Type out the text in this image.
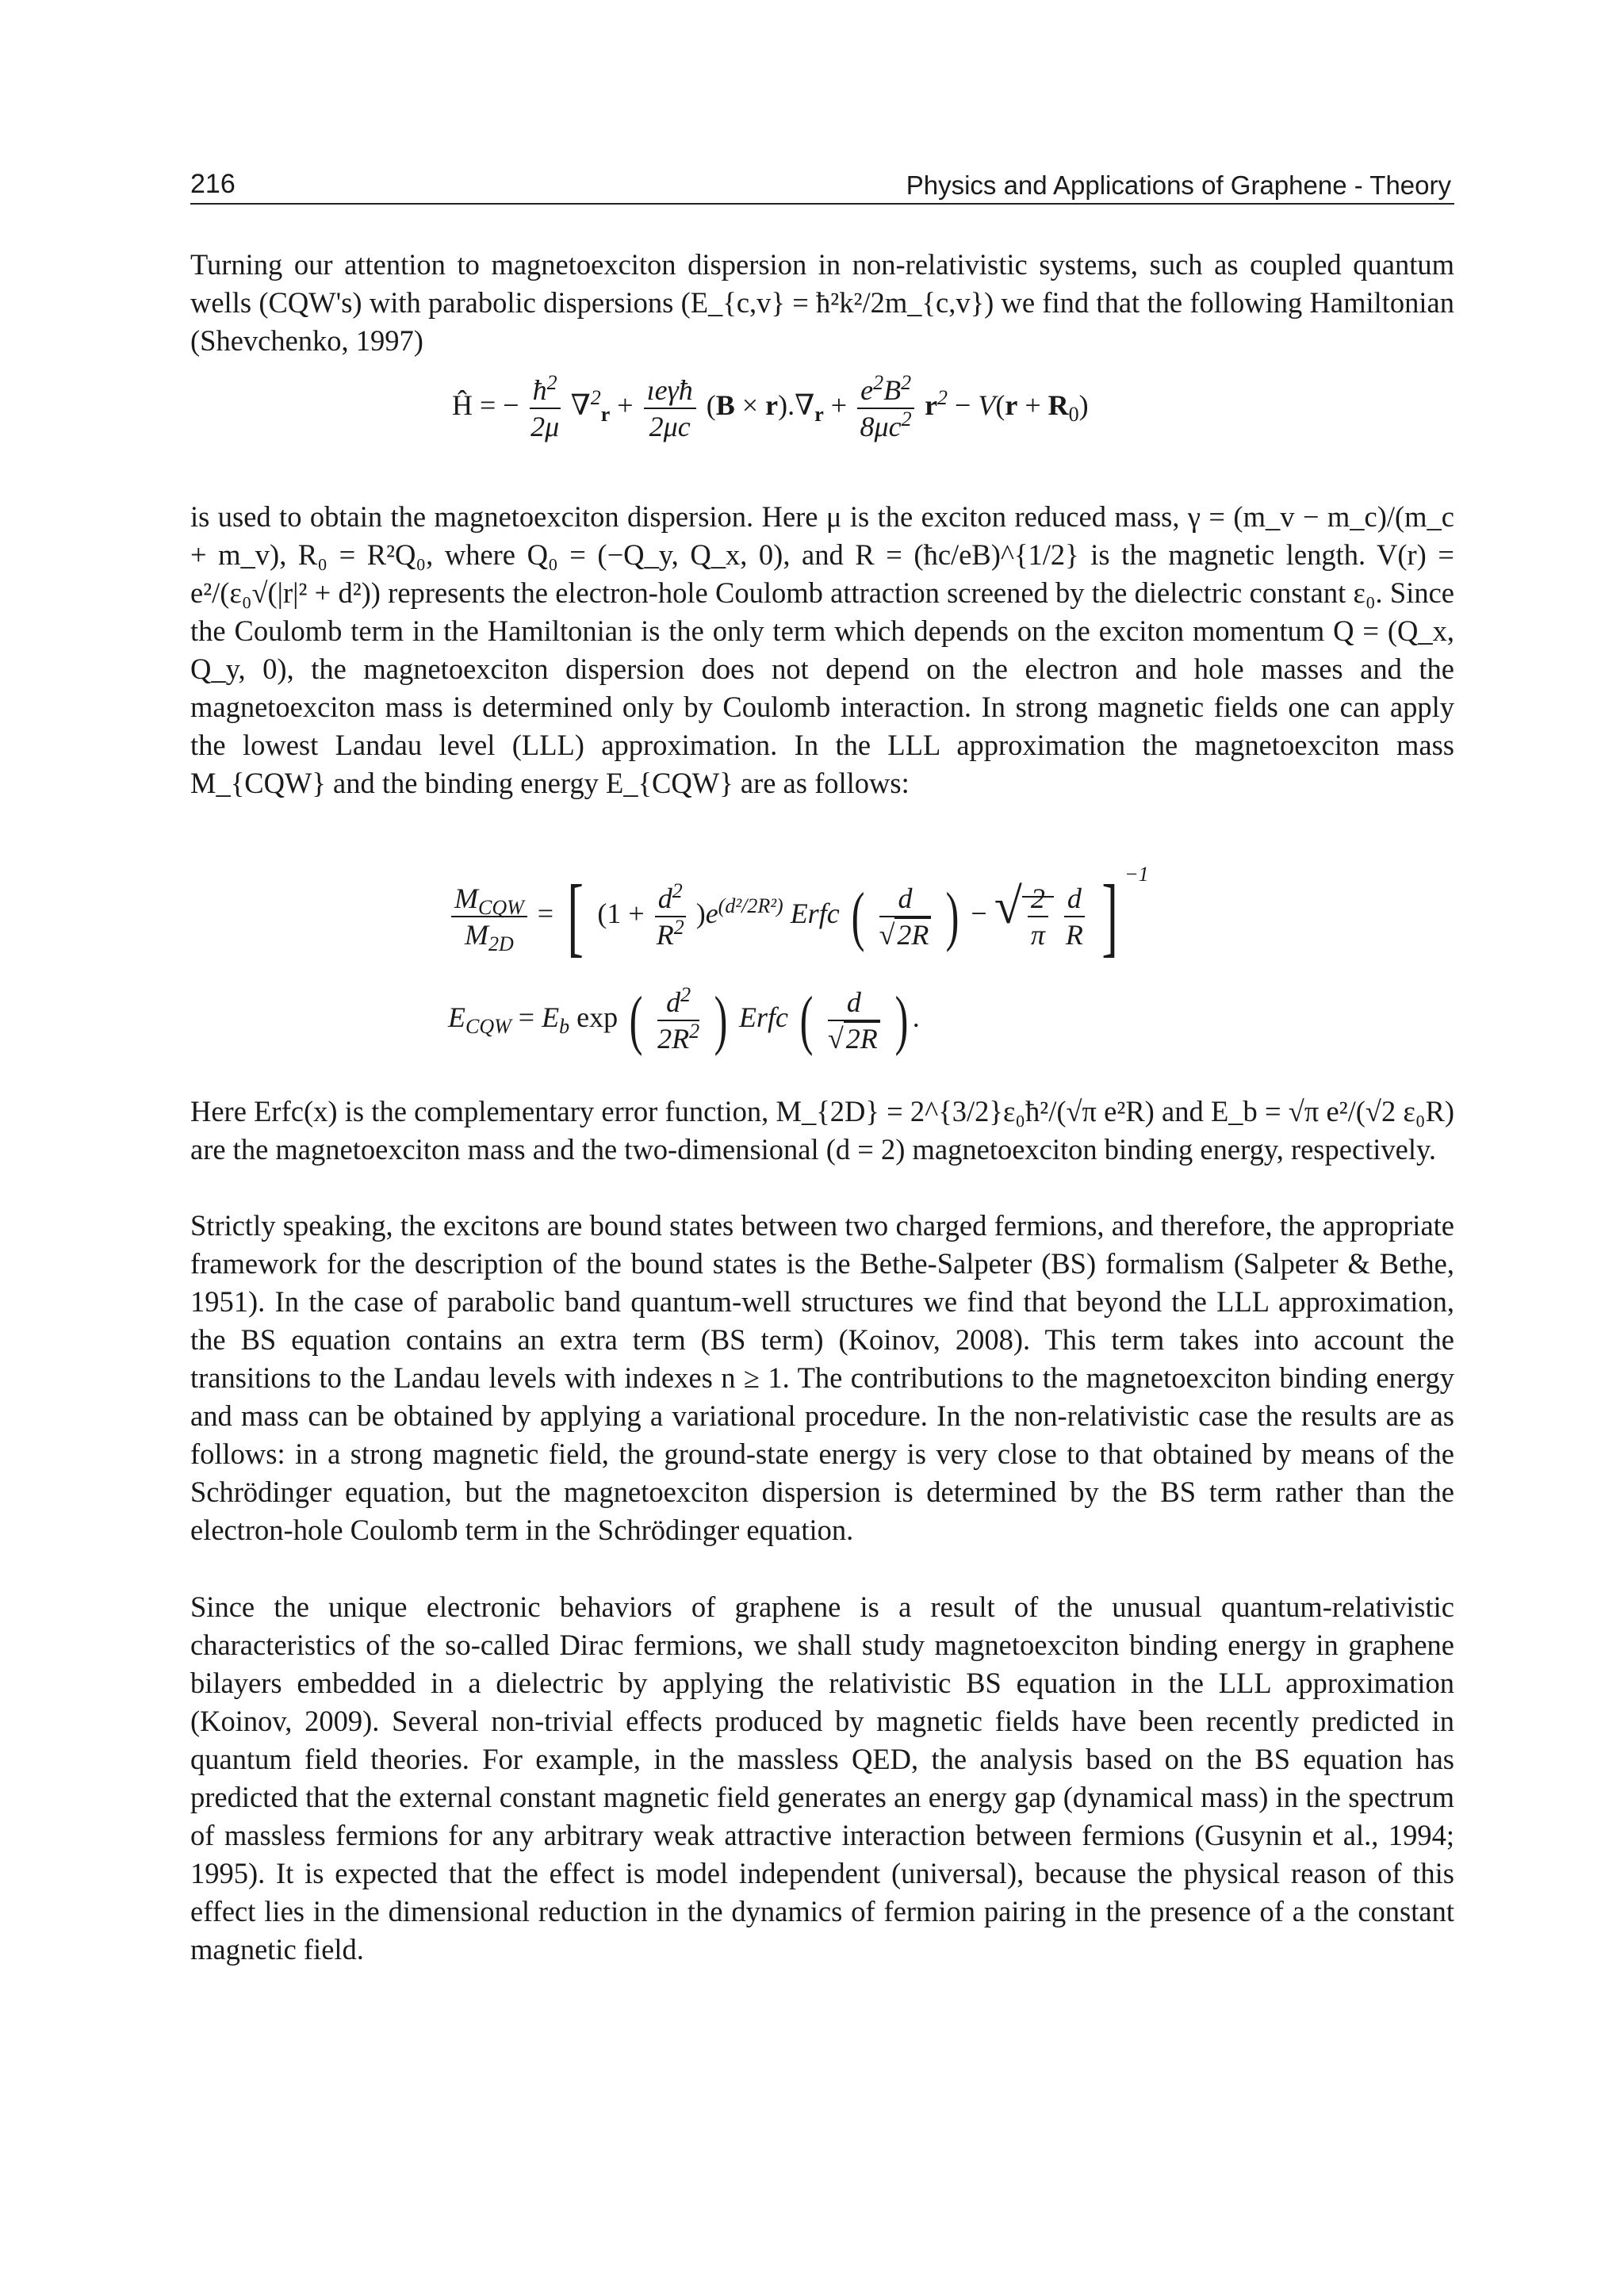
216	Physics and Applications of Graphene - Theory

Turning our attention to magnetoexciton dispersion in non-relativistic systems, such as coupled quantum wells (CQW's) with parabolic dispersions (E_{c,v} = ħ²k²/2m_{c,v}) we find that the following Hamiltonian (Shevchenko, 1997)

Ĥ = − $\frac{ħ^2}{2\mu} \nabla^2_r + \frac{\text{ıeγħ}}{2\mu c} (B \times r).\nabla_r + \frac{e^2B^2}{8\mu c^2} r^2 - V(r + R_0)$

is used to obtain the magnetoexciton dispersion. Here μ is the exciton reduced mass, γ = (m_v − m_c)/(m_c + m_v), R₀ = R²Q₀, where Q₀ = (−Q_y, Q_x, 0), and R = (ħc/eB)^{1/2} is the magnetic length. V(r) = e²/(ε₀√(|r|² + d²)) represents the electron-hole Coulomb attraction screened by the dielectric constant ε₀. Since the Coulomb term in the Hamiltonian is the only term which depends on the exciton momentum Q = (Q_x, Q_y, 0), the magnetoexciton dispersion does not depend on the electron and hole masses and the magnetoexciton mass is determined only by Coulomb interaction. In strong magnetic fields one can apply the lowest Landau level (LLL) approximation. In the LLL approximation the magnetoexciton mass M_{CQW} and the binding energy E_{CQW} are as follows:

$\frac{M_{CQW}}{M_{2D}}$ = [ $(1 + \frac{d^2}{R^2} )e^{(d^2/2R^2)}$ Erfc ( $\frac{d}{√2R}$ ) − √ $\frac{2}{\pi}$
$\frac{d}{R}$ ] $^{-1}$
$E_{CQW} = E_b$ exp ( $\frac{d^2}{2R^2}$ ) Erfc ( $\frac{d}{√2R}$ ) .

Here Erfc(x) is the complementary error function, M_{2D} = 2^{3/2}ε₀ħ²/(√π e²R) and E_b = √π e²/(√2 ε₀R) are the magnetoexciton mass and the two-dimensional (d = 2) magnetoexciton binding energy, respectively.

Strictly speaking, the excitons are bound states between two charged fermions, and therefore, the appropriate framework for the description of the bound states is the Bethe-Salpeter (BS) formalism (Salpeter & Bethe, 1951). In the case of parabolic band quantum-well structures we find that beyond the LLL approximation, the BS equation contains an extra term (BS term) (Koinov, 2008). This term takes into account the transitions to the Landau levels with indexes n ≥ 1. The contributions to the magnetoexciton binding energy and mass can be obtained by applying a variational procedure. In the non-relativistic case the results are as follows: in a strong magnetic field, the ground-state energy is very close to that obtained by means of the Schrödinger equation, but the magnetoexciton dispersion is determined by the BS term rather than the electron-hole Coulomb term in the Schrödinger equation.

Since the unique electronic behaviors of graphene is a result of the unusual quantum-relativistic characteristics of the so-called Dirac fermions, we shall study magnetoexciton binding energy in graphene bilayers embedded in a dielectric by applying the relativistic BS equation in the LLL approximation (Koinov, 2009). Several non-trivial effects produced by magnetic fields have been recently predicted in quantum field theories. For example, in the massless QED, the analysis based on the BS equation has predicted that the external constant magnetic field generates an energy gap (dynamical mass) in the spectrum of massless fermions for any arbitrary weak attractive interaction between fermions (Gusynin et al., 1994; 1995). It is expected that the effect is model independent (universal), because the physical reason of this effect lies in the dimensional reduction in the dynamics of fermion pairing in the presence of a the constant magnetic field.
